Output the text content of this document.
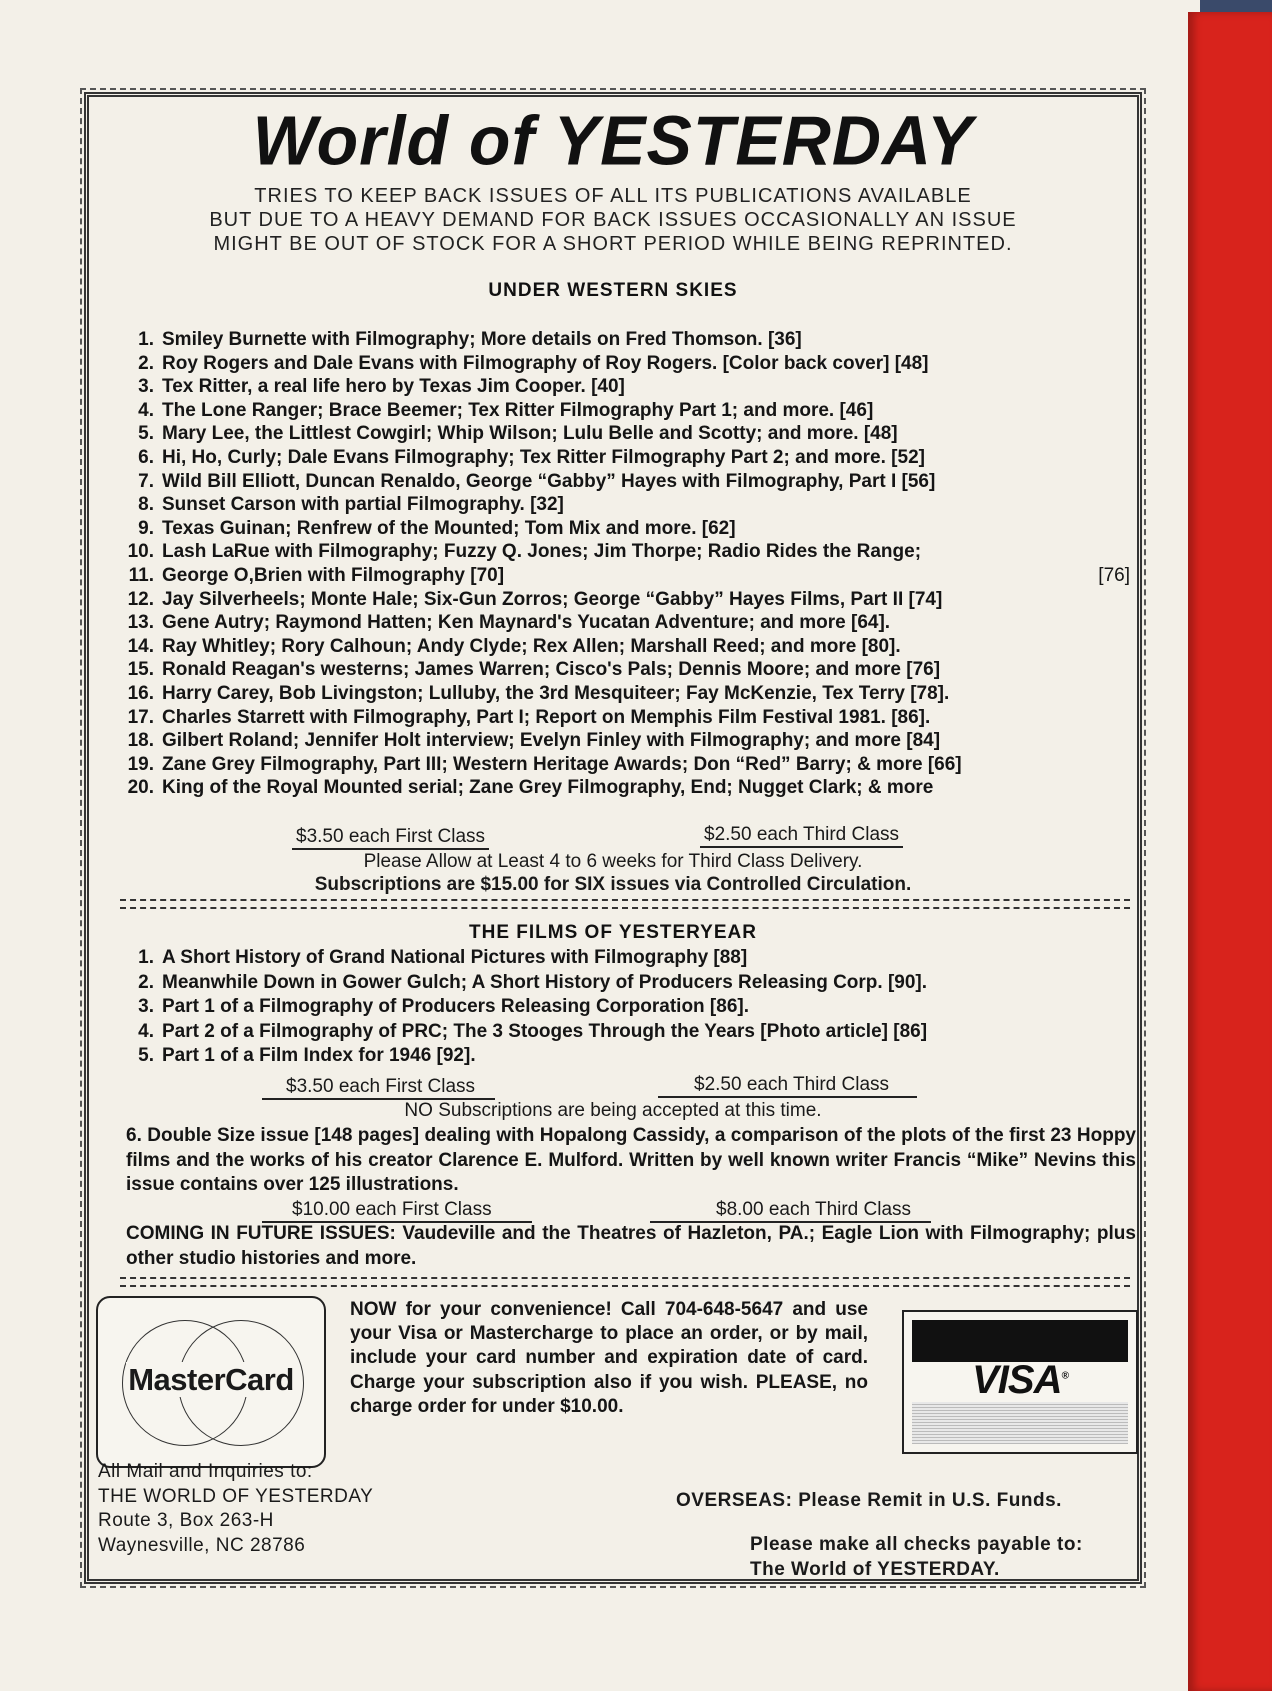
World of YESTERDAY
TRIES TO KEEP BACK ISSUES OF ALL ITS PUBLICATIONS AVAILABLE
BUT DUE TO A HEAVY DEMAND FOR BACK ISSUES OCCASIONALLY AN ISSUE
MIGHT BE OUT OF STOCK FOR A SHORT PERIOD WHILE BEING REPRINTED.
UNDER WESTERN SKIES
1. Smiley Burnette with Filmography; More details on Fred Thomson. [36]
2. Roy Rogers and Dale Evans with Filmography of Roy Rogers. [Color back cover] [48]
3. Tex Ritter, a real life hero by Texas Jim Cooper. [40]
4. The Lone Ranger; Brace Beemer; Tex Ritter Filmography Part 1; and more. [46]
5. Mary Lee, the Littlest Cowgirl; Whip Wilson; Lulu Belle and Scotty; and more. [48]
6. Hi, Ho, Curly; Dale Evans Filmography; Tex Ritter Filmography Part 2; and more. [52]
7. Wild Bill Elliott, Duncan Renaldo, George “Gabby” Hayes with Filmography, Part I [56]
8. Sunset Carson with partial Filmography. [32]
9. Texas Guinan; Renfrew of the Mounted; Tom Mix and more. [62]
10. Lash LaRue with Filmography; Fuzzy Q. Jones; Jim Thorpe; Radio Rides the Range;
11. George O,Brien with Filmography [70]	[76]
12. Jay Silverheels; Monte Hale; Six-Gun Zorros; George “Gabby” Hayes Films, Part II [74]
13. Gene Autry; Raymond Hatten; Ken Maynard's Yucatan Adventure; and more [64].
14. Ray Whitley; Rory Calhoun; Andy Clyde; Rex Allen; Marshall Reed; and more [80].
15. Ronald Reagan's westerns; James Warren; Cisco's Pals; Dennis Moore; and more [76]
16. Harry Carey, Bob Livingston; Lulluby, the 3rd Mesquiteer; Fay McKenzie, Tex Terry [78].
17. Charles Starrett with Filmography, Part I; Report on Memphis Film Festival 1981. [86].
18. Gilbert Roland; Jennifer Holt interview; Evelyn Finley with Filmography; and more [84]
19. Zane Grey Filmography, Part III; Western Heritage Awards; Don “Red” Barry; & more [66]
20. King of the Royal Mounted serial; Zane Grey Filmography, End; Nugget Clark; & more
$3.50 each First Class	$2.50 each Third Class
Please Allow at Least 4 to 6 weeks for Third Class Delivery.
Subscriptions are $15.00 for SIX issues via Controlled Circulation.
THE FILMS OF YESTERYEAR
1. A Short History of Grand National Pictures with Filmography [88]
2. Meanwhile Down in Gower Gulch; A Short History of Producers Releasing Corp. [90].
3. Part 1 of a Filmography of Producers Releasing Corporation [86].
4. Part 2 of a Filmography of PRC; The 3 Stooges Through the Years [Photo article] [86]
5. Part 1 of a Film Index for 1946 [92].
$3.50 each First Class	$2.50 each Third Class
NO Subscriptions are being accepted at this time.
6. Double Size issue [148 pages] dealing with Hopalong Cassidy, a comparison of the plots of the first 23 Hoppy films and the works of his creator Clarence E. Mulford. Written by well known writer Francis “Mike” Nevins this issue contains over 125 illustrations.
$10.00 each First Class	$8.00 each Third Class
COMING IN FUTURE ISSUES: Vaudeville and the Theatres of Hazleton, PA.; Eagle Lion with Filmography; plus other studio histories and more.
MasterCard
NOW for your convenience! Call 704-648-5647 and use your Visa or Mastercharge to place an order, or by mail, include your card number and expiration date of card. Charge your subscription also if you wish. PLEASE, no charge order for under $10.00.
VISA®
All Mail and Inquiries to:
THE WORLD OF YESTERDAY
Route 3, Box 263-H
Waynesville, NC 28786
OVERSEAS: Please Remit in U.S. Funds.
Please make all checks payable to:
The World of YESTERDAY.
